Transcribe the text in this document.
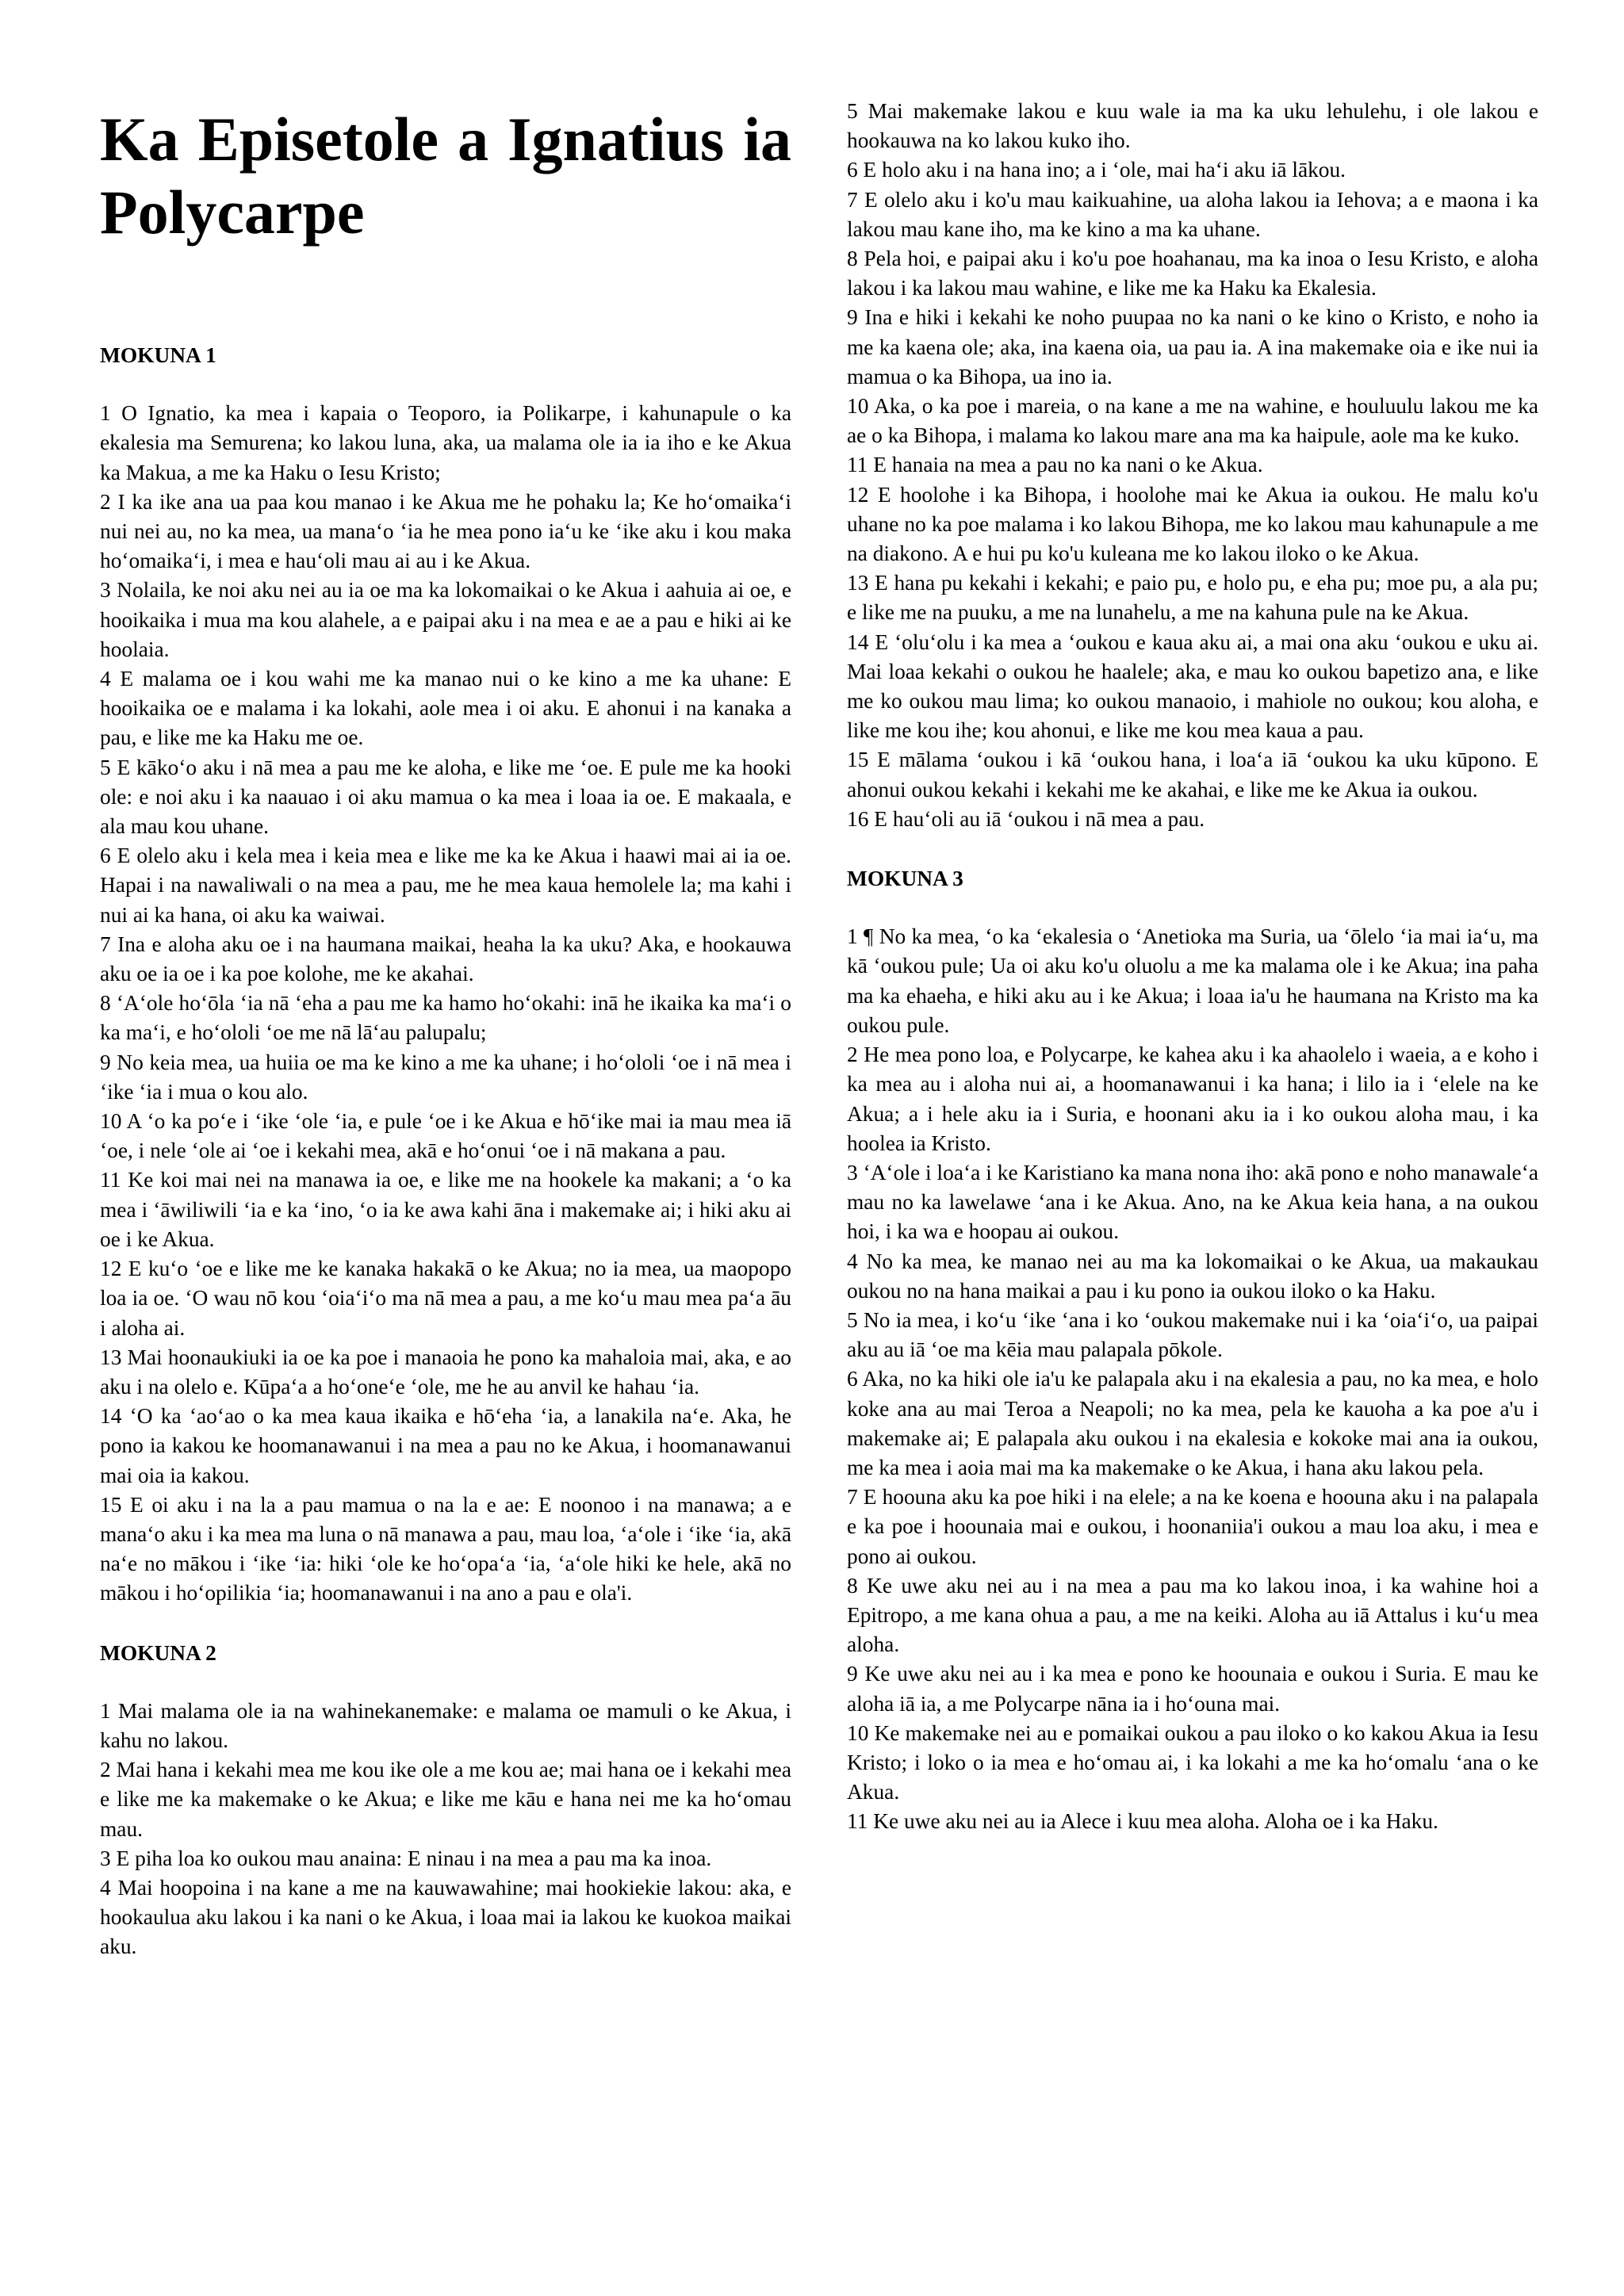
Ka Episetole a Ignatius ia Polycarpe
MOKUNA 1

1 O Ignatio, ka mea i kapaia o Teoporo, ia Polikarpe, i kahunapule o ka ekalesia ma Semurena; ko lakou luna, aka, ua malama ole ia ia iho e ke Akua ka Makua, a me ka Haku o Iesu Kristo;

2 I ka ike ana ua paa kou manao i ke Akua me he pohaku la; Ke hoʻomaikaʻi nui nei au, no ka mea, ua manaʻo ʻia he mea pono iaʻu ke ʻike aku i kou maka hoʻomaikaʻi, i mea e hauʻoli mau ai au i ke Akua.

3 Nolaila, ke noi aku nei au ia oe ma ka lokomaikai o ke Akua i aahuia ai oe, e hooikaika i mua ma kou alahele, a e paipai aku i na mea e ae a pau e hiki ai ke hoolaia.

4 E malama oe i kou wahi me ka manao nui o ke kino a me ka uhane: E hooikaika oe e malama i ka lokahi, aole mea i oi aku. E ahonui i na kanaka a pau, e like me ka Haku me oe.

5 E kākoʻo aku i nā mea a pau me ke aloha, e like me ʻoe. E pule me ka hooki ole: e noi aku i ka naauao i oi aku mamua o ka mea i loaa ia oe. E makaala, e ala mau kou uhane.

6 E olelo aku i kela mea i keia mea e like me ka ke Akua i haawi mai ai ia oe. Hapai i na nawaliwali o na mea a pau, me he mea kaua hemolele la; ma kahi i nui ai ka hana, oi aku ka waiwai.

7 Ina e aloha aku oe i na haumana maikai, heaha la ka uku? Aka, e hookauwa aku oe ia oe i ka poe kolohe, me ke akahai.

8 ʻAʻole hoʻōla ʻia nā ʻeha a pau me ka hamo hoʻokahi: inā he ikaika ka maʻi o ka maʻi, e hoʻololi ʻoe me nā lāʻau palupalu;

9 No keia mea, ua huiia oe ma ke kino a me ka uhane; i hoʻololi ʻoe i nā mea i ʻike ʻia i mua o kou alo.

10 A ʻo ka poʻe i ʻike ʻole ʻia, e pule ʻoe i ke Akua e hōʻike mai ia mau mea iā ʻoe, i nele ʻole ai ʻoe i kekahi mea, akā e hoʻonui ʻoe i nā makana a pau.

11 Ke koi mai nei na manawa ia oe, e like me na hookele ka makani; a ʻo ka mea i ʻāwiliwili ʻia e ka ʻino, ʻo ia ke awa kahi āna i makemake ai; i hiki aku ai oe i ke Akua.

12 E kuʻo ʻoe e like me ke kanaka hakakā o ke Akua; no ia mea, ua maopopo loa ia oe. ʻO wau nō kou ʻoiaʻiʻo ma nā mea a pau, a me koʻu mau mea paʻa āu i aloha ai.

13 Mai hoonaukiuki ia oe ka poe i manaoia he pono ka mahaloia mai, aka, e ao aku i na olelo e. Kūpaʻa a hoʻoneʻe ʻole, me he au anvil ke hahau ʻia.

14 ʻO ka ʻaoʻao o ka mea kaua ikaika e hōʻeha ʻia, a lanakila naʻe. Aka, he pono ia kakou ke hoomanawanui i na mea a pau no ke Akua, i hoomanawanui mai oia ia kakou.

15 E oi aku i na la a pau mamua o na la e ae: E noonoo i na manawa; a e manaʻo aku i ka mea ma luna o nā manawa a pau, mau loa, ʻaʻole i ʻike ʻia, akā naʻe no mākou i ʻike ʻia: hiki ʻole ke hoʻopaʻa ʻia, ʻaʻole hiki ke hele, akā no mākou i hoʻopilikia ʻia; hoomanawanui i na ano a pau e ola'i.

MOKUNA 2

1 Mai malama ole ia na wahinekanemake: e malama oe mamuli o ke Akua, i kahu no lakou.

2 Mai hana i kekahi mea me kou ike ole a me kou ae; mai hana oe i kekahi mea e like me ka makemake o ke Akua; e like me kāu e hana nei me ka hoʻomau mau.

3 E piha loa ko oukou mau anaina: E ninau i na mea a pau ma ka inoa.

4 Mai hoopoina i na kane a me na kauwawahine; mai hookiekie lakou: aka, e hookaulua aku lakou i ka nani o ke Akua, i loaa mai ia lakou ke kuokoa maikai aku.

5 Mai makemake lakou e kuu wale ia ma ka uku lehulehu, i ole lakou e hookauwa na ko lakou kuko iho.

6 E holo aku i na hana ino; a i ʻole, mai haʻi aku iā lākou.

7 E olelo aku i ko'u mau kaikuahine, ua aloha lakou ia Iehova; a e maona i ka lakou mau kane iho, ma ke kino a ma ka uhane.

8 Pela hoi, e paipai aku i ko'u poe hoahanau, ma ka inoa o Iesu Kristo, e aloha lakou i ka lakou mau wahine, e like me ka Haku ka Ekalesia.

9 Ina e hiki i kekahi ke noho puupaa no ka nani o ke kino o Kristo, e noho ia me ka kaena ole; aka, ina kaena oia, ua pau ia. A ina makemake oia e ike nui ia mamua o ka Bihopa, ua ino ia.

10 Aka, o ka poe i mareia, o na kane a me na wahine, e houluulu lakou me ka ae o ka Bihopa, i malama ko lakou mare ana ma ka haipule, aole ma ke kuko.

11 E hanaia na mea a pau no ka nani o ke Akua.

12 E hoolohe i ka Bihopa, i hoolohe mai ke Akua ia oukou. He malu ko'u uhane no ka poe malama i ko lakou Bihopa, me ko lakou mau kahunapule a me na diakono. A e hui pu ko'u kuleana me ko lakou iloko o ke Akua.

13 E hana pu kekahi i kekahi; e paio pu, e holo pu, e eha pu; moe pu, a ala pu; e like me na puuku, a me na lunahelu, a me na kahuna pule na ke Akua.

14 E ʻoluʻolu i ka mea a ʻoukou e kaua aku ai, a mai ona aku ʻoukou e uku ai. Mai loaa kekahi o oukou he haalele; aka, e mau ko oukou bapetizo ana, e like me ko oukou mau lima; ko oukou manaoio, i mahiole no oukou; kou aloha, e like me kou ihe; kou ahonui, e like me kou mea kaua a pau.

15 E mālama ʻoukou i kā ʻoukou hana, i loaʻa iā ʻoukou ka uku kūpono. E ahonui oukou kekahi i kekahi me ke akahai, e like me ke Akua ia oukou.

16 E hauʻoli au iā ʻoukou i nā mea a pau.

MOKUNA 3

1 ¶ No ka mea, ʻo ka ʻekalesia o ʻAnetioka ma Suria, ua ʻōlelo ʻia mai iaʻu, ma kā ʻoukou pule; Ua oi aku ko'u oluolu a me ka malama ole i ke Akua; ina paha ma ka ehaeha, e hiki aku au i ke Akua; i loaa ia'u he haumana na Kristo ma ka oukou pule.

2 He mea pono loa, e Polycarpe, ke kahea aku i ka ahaolelo i waeia, a e koho i ka mea au i aloha nui ai, a hoomanawanui i ka hana; i lilo ia i ʻelele na ke Akua; a i hele aku ia i Suria, e hoonani aku ia i ko oukou aloha mau, i ka hoolea ia Kristo.

3 ʻAʻole i loaʻa i ke Karistiano ka mana nona iho: akā pono e noho manawaleʻa mau no ka lawelawe ʻana i ke Akua. Ano, na ke Akua keia hana, a na oukou hoi, i ka wa e hoopau ai oukou.

4 No ka mea, ke manao nei au ma ka lokomaikai o ke Akua, ua makaukau oukou no na hana maikai a pau i ku pono ia oukou iloko o ka Haku.

5 No ia mea, i koʻu ʻike ʻana i ko ʻoukou makemake nui i ka ʻoiaʻiʻo, ua paipai aku au iā ʻoe ma kēia mau palapala pōkole.

6 Aka, no ka hiki ole ia'u ke palapala aku i na ekalesia a pau, no ka mea, e holo koke ana au mai Teroa a Neapoli; no ka mea, pela ke kauoha a ka poe a'u i makemake ai; E palapala aku oukou i na ekalesia e kokoke mai ana ia oukou, me ka mea i aoia mai ma ka makemake o ke Akua, i hana aku lakou pela.

7 E hoouna aku ka poe hiki i na elele; a na ke koena e hoouna aku i na palapala e ka poe i hoounaia mai e oukou, i hoonaniia'i oukou a mau loa aku, i mea e pono ai oukou.

8 Ke uwe aku nei au i na mea a pau ma ko lakou inoa, i ka wahine hoi a Epitropo, a me kana ohua a pau, a me na keiki. Aloha au iā Attalus i kuʻu mea aloha.

9 Ke uwe aku nei au i ka mea e pono ke hoounaia e oukou i Suria. E mau ke aloha iā ia, a me Polycarpe nāna ia i hoʻouna mai.

10 Ke makemake nei au e pomaikai oukou a pau iloko o ko kakou Akua ia Iesu Kristo; i loko o ia mea e hoʻomau ai, i ka lokahi a me ka hoʻomalu ʻana o ke Akua.

11 Ke uwe aku nei au ia Alece i kuu mea aloha. Aloha oe i ka Haku.
